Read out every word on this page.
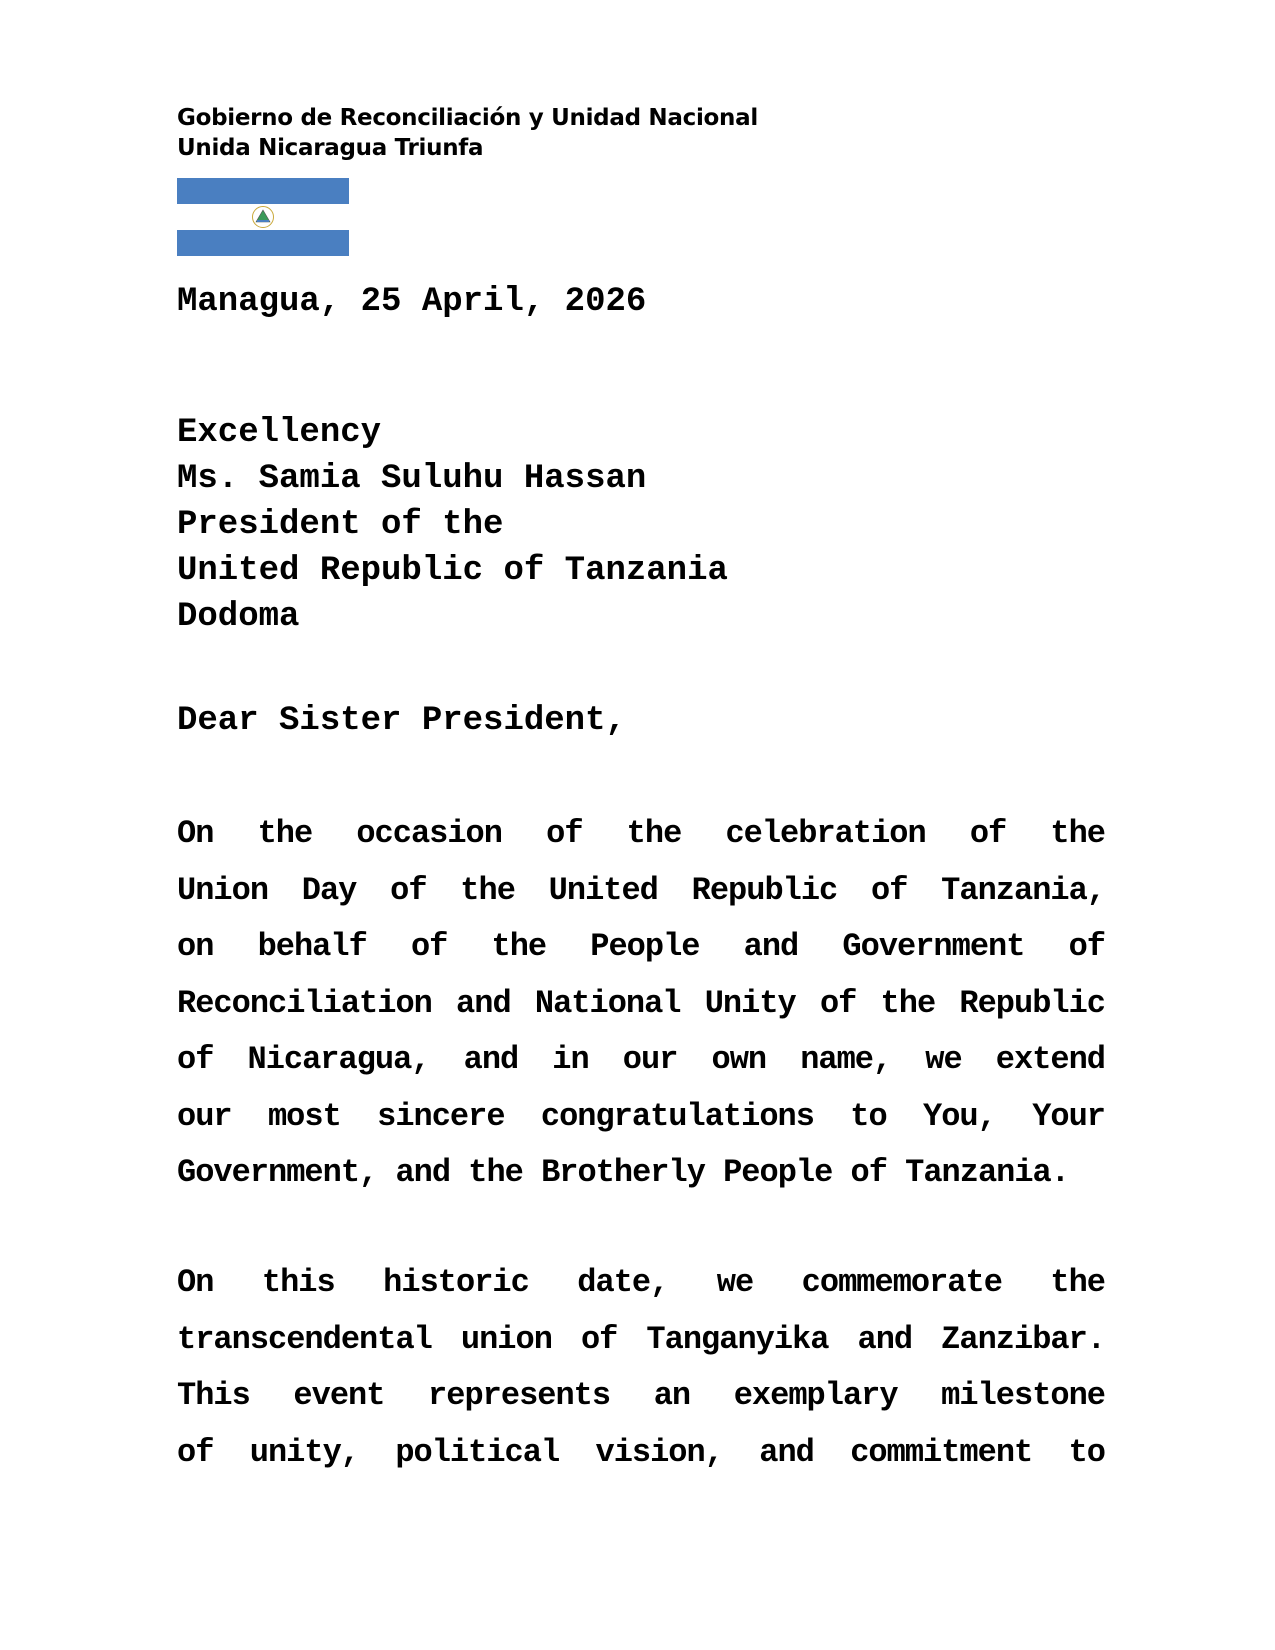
Gobierno de Reconciliación y Unidad Nacional
Unida Nicaragua Triunfa
Managua, 25 April, 2026
Excellency
Ms. Samia Suluhu Hassan
President of the
United Republic of Tanzania
Dodoma
Dear Sister President,
On the occasion of the celebration of the
Union Day of the United Republic of Tanzania,
on behalf of the People and Government of
Reconciliation and National Unity of the Republic
of Nicaragua, and in our own name, we extend
our most sincere congratulations to You, Your
Government, and the Brotherly People of Tanzania.
On this historic date, we commemorate the
transcendental union of Tanganyika and Zanzibar.
This event represents an exemplary milestone
of unity, political vision, and commitment to
